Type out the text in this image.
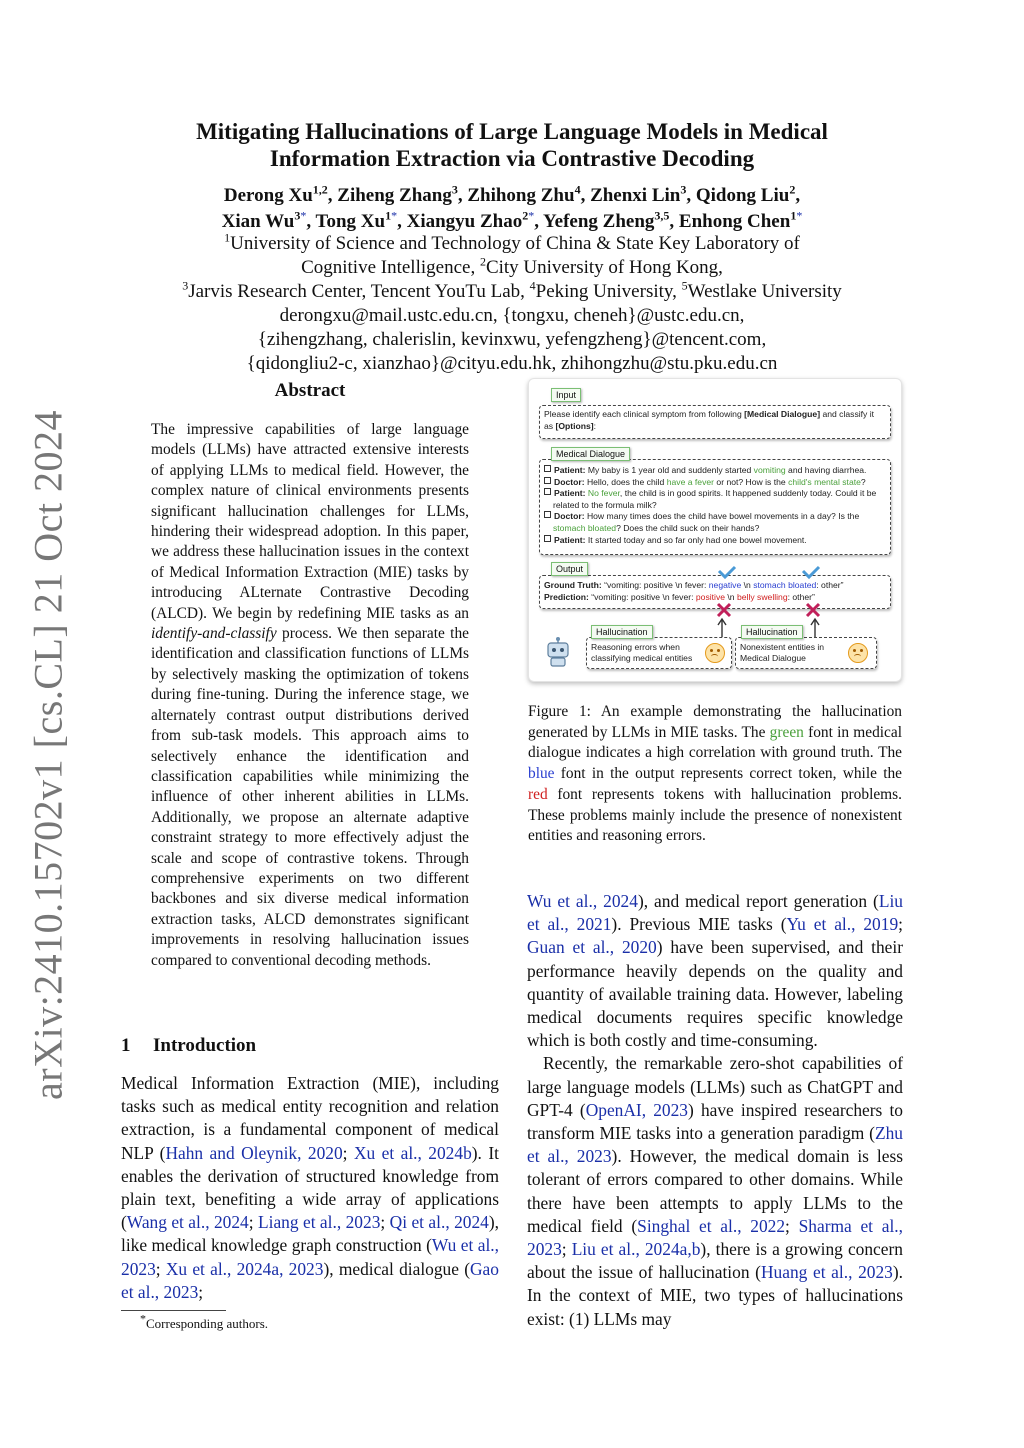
arXiv:2410.15702v1 [cs.CL] 21 Oct 2024
Mitigating Hallucinations of Large Language Models in Medical
Information Extraction via Contrastive Decoding
Derong Xu$^{1,2}$, Ziheng Zhang$^3$, Zhihong Zhu$^4$, Zhenxi Lin$^3$, Qidong Liu$^2$,
Xian $Wu^{3*}$, Tong $Xu^{1*}$, Xiangyu Zhao$^{2*}$, Yefeng Zheng$^{3,5}$, Enhong Chen$^{1*}$
$^1$University of Science and Technology of China & State Key Laboratory of
Cognitive Intelligence, $^2$City University of Hong Kong,
$^3$Jarvis Research Center, Tencent YouTu Lab, $^4$Peking University, $^5$Westlake University
derongxu@mail.ustc.edu.cn, {tongxu, cheneh}@ustc.edu.cn,
{zihengzhang, chalerislin, kevinxwu, yefengzheng}@tencent.com,
{qidongliu2-c, xianzhao}@cityu.edu.hk, zhihongzhu@stu.pku.edu.cn
Abstract
The impressive capabilities of large language models (LLMs) have attracted extensive interests of applying LLMs to medical field. However, the complex nature of clinical environments presents significant hallucination challenges for LLMs, hindering their widespread adoption. In this paper, we address these hallucination issues in the context of Medical Information Extraction (MIE) tasks by introducing ALternate Contrastive Decoding (ALCD). We begin by redefining MIE tasks as an identify-and-classify process. We then separate the identification and classification functions of LLMs by selectively masking the optimization of tokens during fine-tuning. During the inference stage, we alternately contrast output distributions derived from sub-task models. This approach aims to selectively enhance the identification and classification capabilities while minimizing the influence of other inherent abilities in LLMs. Additionally, we propose an alternate adaptive constraint strategy to more effectively adjust the scale and scope of contrastive tokens. Through comprehensive experiments on two different backbones and six diverse medical information extraction tasks, ALCD demonstrates significant improvements in resolving hallucination issues compared to conventional decoding methods.
1 Introduction
Medical Information Extraction (MIE), including tasks such as medical entity recognition and relation extraction, is a fundamental component of medical NLP (Hahn and Oleynik, 2020; Xu et al., 2024b). It enables the derivation of structured knowledge from plain text, benefiting a wide array of applications (Wang et al., 2024; Liang et al., 2023; Qi et al., 2024), like medical knowledge graph construction (Wu et al., 2023; Xu et al., 2024a, 2023), medical dialogue (Gao et al., 2023;
*Corresponding authors.
Please identify each clinical symptom from following [Medical Dialogue] and classify it as [Options]:
Input
Patient: My baby is 1 year old and suddenly started vomiting and having diarrhea.
Doctor: Hello, does the child have a fever or not? How is the child's mental state?
Patient: No fever, the child is in good spirits. It happened suddenly today. Could it be related to the formula milk?
Doctor: How many times does the child have bowel movements in a day? Is the stomach bloated? Does the child suck on their hands?
Patient: It started today and so far only had one bowel movement.
Medical Dialogue
Ground Truth: “vomiting: positive \n fever: negative \n stomach bloated: other”
Prediction: “vomiting: positive \n fever: positive \n belly swelling: other”
Output
Reasoning errors when classifying medical entities
Hallucination
Nonexistent entities in Medical Dialogue
Hallucination
Figure 1: An example demonstrating the hallucination generated by LLMs in MIE tasks. The green font in medical dialogue indicates a high correlation with ground truth. The blue font in the output represents correct token, while the red font represents tokens with hallucination problems. These problems mainly include the presence of nonexistent entities and reasoning errors.

Wu et al., 2024), and medical report generation (Liu et al., 2021). Previous MIE tasks (Yu et al., 2019; Guan et al., 2020) have been supervised, and their performance heavily depends on the quality and quantity of available training data. However, labeling medical documents requires specific knowledge which is both costly and time-consuming.

Recently, the remarkable zero-shot capabilities of large language models (LLMs) such as ChatGPT and GPT-4 (OpenAI, 2023) have inspired researchers to transform MIE tasks into a generation paradigm (Zhu et al., 2023). However, the medical domain is less tolerant of errors compared to other domains. While there have been attempts to apply LLMs to the medical field (Singhal et al., 2022; Sharma et al., 2023; Liu et al., 2024a,b), there is a growing concern about the issue of hallucination (Huang et al., 2023). In the context of MIE, two types of hallucinations exist: (1) LLMs may
